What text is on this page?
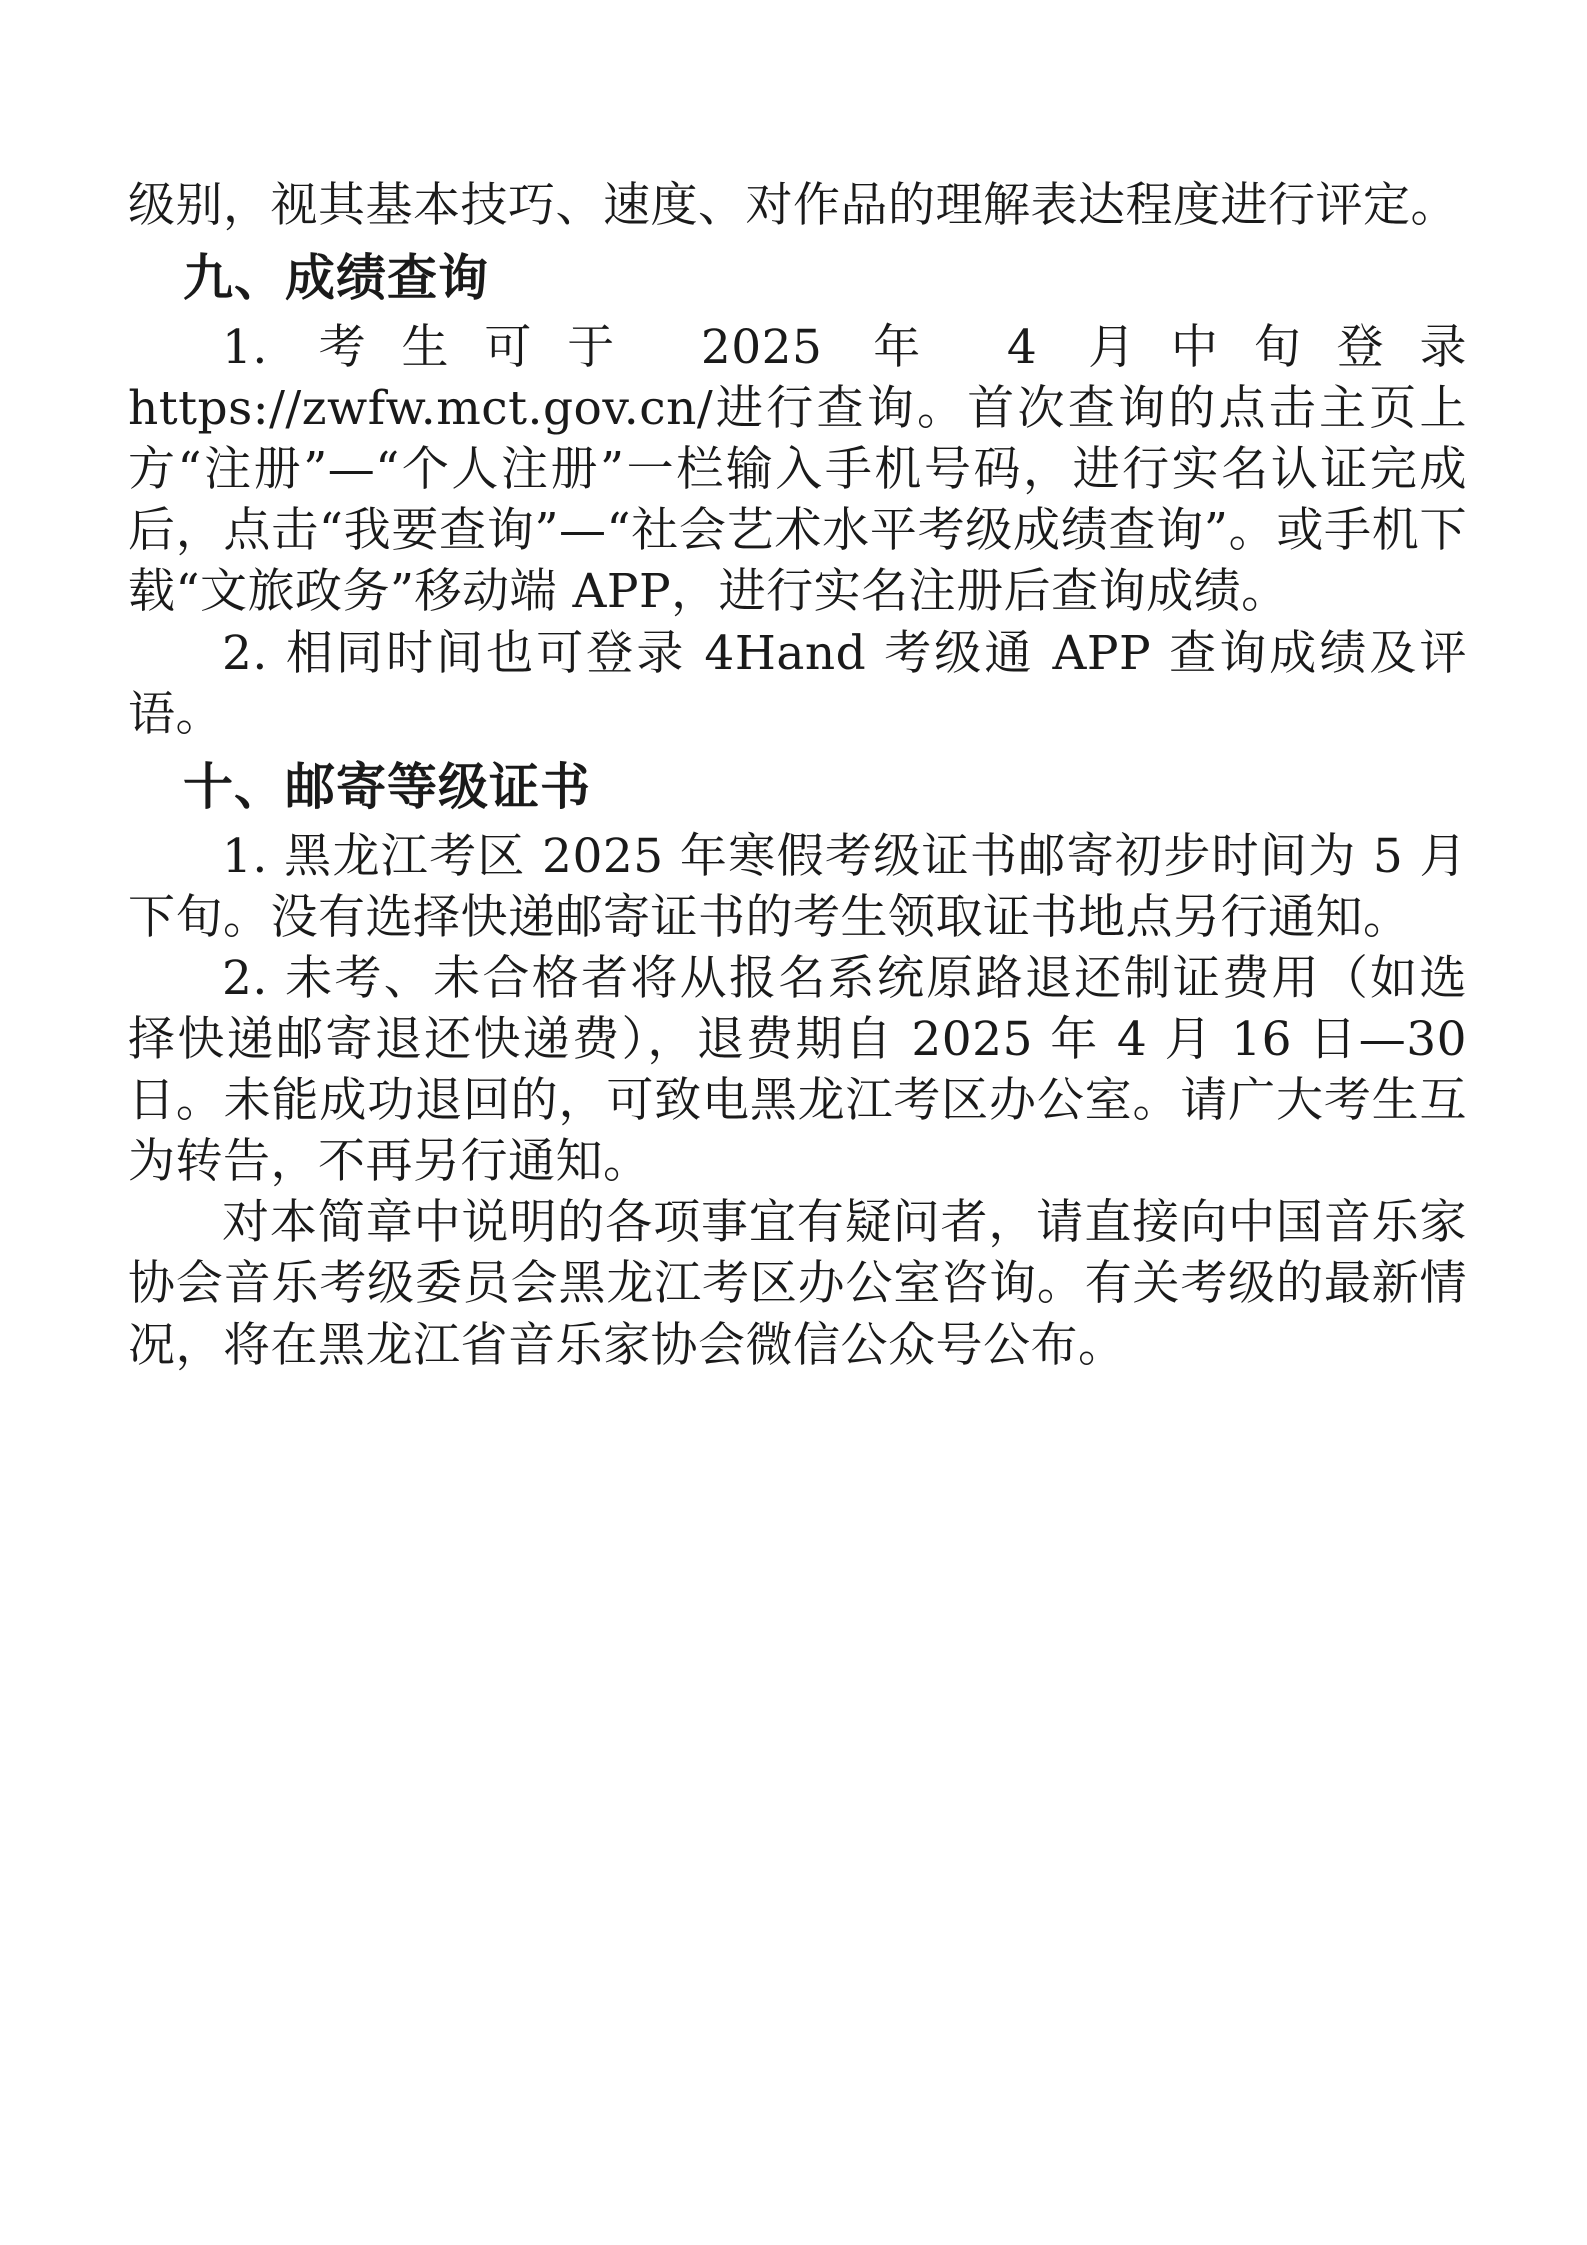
级别，视其基本技巧、速度、对作品的理解表达程度进行评定。

九、成绩查询

1. 考生可于 2025 年 4 月中旬登录 https://zwfw.mct.gov.cn/进行查询。首次查询的点击主页上方“注册”—“个人注册”一栏输入手机号码，进行实名认证完成后，点击“我要查询”—“社会艺术水平考级成绩查询”。或手机下载“文旅政务”移动端 APP，进行实名注册后查询成绩。

2. 相同时间也可登录 4Hand 考级通 APP 查询成绩及评语。

十、邮寄等级证书

1. 黑龙江考区 2025 年寒假考级证书邮寄初步时间为 5 月下旬。没有选择快递邮寄证书的考生领取证书地点另行通知。

2. 未考、未合格者将从报名系统原路退还制证费用（如选择快递邮寄退还快递费），退费期自 2025 年 4 月 16 日—30 日。未能成功退回的，可致电黑龙江考区办公室。请广大考生互为转告，不再另行通知。

对本简章中说明的各项事宜有疑问者，请直接向中国音乐家协会音乐考级委员会黑龙江考区办公室咨询。有关考级的最新情况，将在黑龙江省音乐家协会微信公众号公布。
